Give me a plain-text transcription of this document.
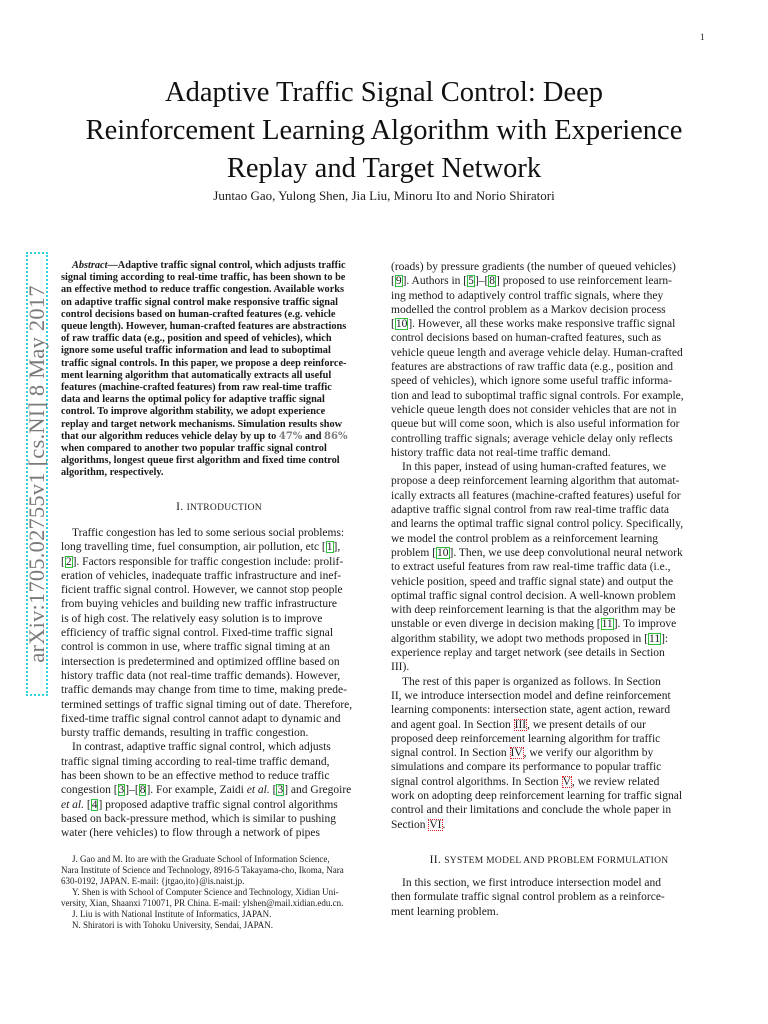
1
arXiv:1705.02755v1 [cs.NI] 8 May 2017
Adaptive Traffic Signal Control: Deep
Reinforcement Learning Algorithm with Experience
Replay and Target Network
Juntao Gao, Yulong Shen, Jia Liu, Minoru Ito and Norio Shiratori
Abstract—Adaptive traffic signal control, which adjusts traffic
signal timing according to real-time traffic, has been shown to be
an effective method to reduce traffic congestion. Available works
on adaptive traffic signal control make responsive traffic signal
control decisions based on human-crafted features (e.g. vehicle
queue length). However, human-crafted features are abstractions
of raw traffic data (e.g., position and speed of vehicles), which
ignore some useful traffic information and lead to suboptimal
traffic signal controls. In this paper, we propose a deep reinforce-
ment learning algorithm that automatically extracts all useful
features (machine-crafted features) from raw real-time traffic
data and learns the optimal policy for adaptive traffic signal
control. To improve algorithm stability, we adopt experience
replay and target network mechanisms. Simulation results show
that our algorithm reduces vehicle delay by up to 47% and 86%
when compared to another two popular traffic signal control
algorithms, longest queue first algorithm and fixed time control
algorithm, respectively.
I. INTRODUCTION
Traffic congestion has led to some serious social problems:
long travelling time, fuel consumption, air pollution, etc [1],
[2]. Factors responsible for traffic congestion include: prolif-
eration of vehicles, inadequate traffic infrastructure and inef-
ficient traffic signal control. However, we cannot stop people
from buying vehicles and building new traffic infrastructure
is of high cost. The relatively easy solution is to improve
efficiency of traffic signal control. Fixed-time traffic signal
control is common in use, where traffic signal timing at an
intersection is predetermined and optimized offline based on
history traffic data (not real-time traffic demands). However,
traffic demands may change from time to time, making prede-
termined settings of traffic signal timing out of date. Therefore,
fixed-time traffic signal control cannot adapt to dynamic and
bursty traffic demands, resulting in traffic congestion.
In contrast, adaptive traffic signal control, which adjusts
traffic signal timing according to real-time traffic demand,
has been shown to be an effective method to reduce traffic
congestion [3]–[8]. For example, Zaidi et al. [3] and Gregoire
et al. [4] proposed adaptive traffic signal control algorithms
based on back-pressure method, which is similar to pushing
water (here vehicles) to flow through a network of pipes
J. Gao and M. Ito are with the Graduate School of Information Science,
Nara Institute of Science and Technology, 8916-5 Takayama-cho, Ikoma, Nara
630-0192, JAPAN. E-mail: {jtgao,ito}@is.naist.jp.
Y. Shen is with School of Computer Science and Technology, Xidian Uni-
versity, Xian, Shaanxi 710071, PR China. E-mail: ylshen@mail.xidian.edu.cn.
J. Liu is with National Institute of Informatics, JAPAN.
N. Shiratori is with Tohoku University, Sendai, JAPAN.
(roads) by pressure gradients (the number of queued vehicles)
[9]. Authors in [5]–[8] proposed to use reinforcement learn-
ing method to adaptively control traffic signals, where they
modelled the control problem as a Markov decision process
[10]. However, all these works make responsive traffic signal
control decisions based on human-crafted features, such as
vehicle queue length and average vehicle delay. Human-crafted
features are abstractions of raw traffic data (e.g., position and
speed of vehicles), which ignore some useful traffic informa-
tion and lead to suboptimal traffic signal controls. For example,
vehicle queue length does not consider vehicles that are not in
queue but will come soon, which is also useful information for
controlling traffic signals; average vehicle delay only reflects
history traffic data not real-time traffic demand.
In this paper, instead of using human-crafted features, we
propose a deep reinforcement learning algorithm that automat-
ically extracts all features (machine-crafted features) useful for
adaptive traffic signal control from raw real-time traffic data
and learns the optimal traffic signal control policy. Specifically,
we model the control problem as a reinforcement learning
problem [10]. Then, we use deep convolutional neural network
to extract useful features from raw real-time traffic data (i.e.,
vehicle position, speed and traffic signal state) and output the
optimal traffic signal control decision. A well-known problem
with deep reinforcement learning is that the algorithm may be
unstable or even diverge in decision making [11]. To improve
algorithm stability, we adopt two methods proposed in [11]:
experience replay and target network (see details in Section
III).
The rest of this paper is organized as follows. In Section
II, we introduce intersection model and define reinforcement
learning components: intersection state, agent action, reward
and agent goal. In Section III, we present details of our
proposed deep reinforcement learning algorithm for traffic
signal control. In Section IV, we verify our algorithm by
simulations and compare its performance to popular traffic
signal control algorithms. In Section V, we review related
work on adopting deep reinforcement learning for traffic signal
control and their limitations and conclude the whole paper in
Section VI.
II. SYSTEM MODEL AND PROBLEM FORMULATION
In this section, we first introduce intersection model and
then formulate traffic signal control problem as a reinforce-
ment learning problem.
